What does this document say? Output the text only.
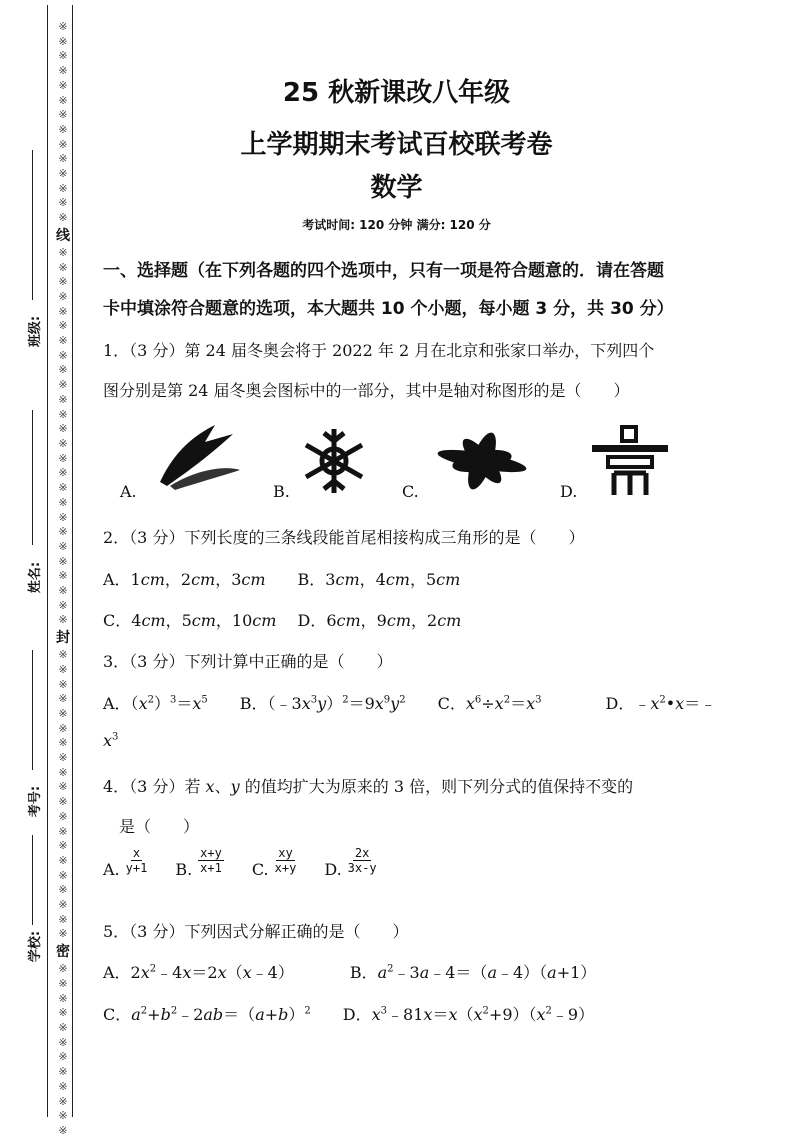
※
※
※
※
※
※
※
※
※
※
※
※
※
※
线
※
※
※
※
※
※
※
※
※
※
※
※
※
※
※
※
※
※
※
※
※
※
※
※
※
※
封
※
※
※
※
※
※
※
※
※
※
※
※
※
※
※
※
※
※
※
※
密
※
※
※
※
※
※
※
※
※
※
※
※
班级:
姓名:
考号:
学校:
25 秋新课改八年级
上学期期末考试百校联考卷
数学
考试时间: 120 分钟 满分: 120 分
一、选择题（在下列各题的四个选项中，只有一项是符合题意的．请在答题
卡中填涂符合题意的选项，本大题共 10 个小题，每小题 3 分，共 30 分）
1．（3 分）第 24 届冬奥会将于 2022 年 2 月在北京和张家口举办，下列四个
图分别是第 24 届冬奥会图标中的一部分，其中是轴对称图形的是（　　）
2．（3 分）下列长度的三条线段能首尾相接构成三角形的是（　　）
A．1cm，2cm，3cm　　B．3cm，4cm，5cm
C．4cm，5cm，10cm　 D．6cm，9cm，2cm
3．（3 分）下列计算中正确的是（　　）
A．$(x^2)^3=x^5$　　B．$(﹣3x^3y)^2=9x^9y^2$　　C．$x^6\div x^2=x^3$　　　　D．$﹣x^2•x=﹣$
$x^3$
4．（3 分）若 x、y 的值均扩大为原来的 3 倍，则下列分式的值保持不变的
　是（　　）
5．（3 分）下列因式分解正确的是（　　）
A．$2x^2﹣4x=2x(x﹣4)$　　　　B．$a^2﹣3a﹣4=(a﹣4)(a+1)$
C．$a^2+b^2﹣2ab=(a+b)^2$　　D．$x^3﹣81x=x(x^2+9)(x^2﹣9)$
A.	B.	C.	D.
A. $\frac{x}{y+1} B$. $\frac{x+y}{x+1} C$. $\frac{xy}{x+y} D$. $\frac{2x}{3x-y}$
